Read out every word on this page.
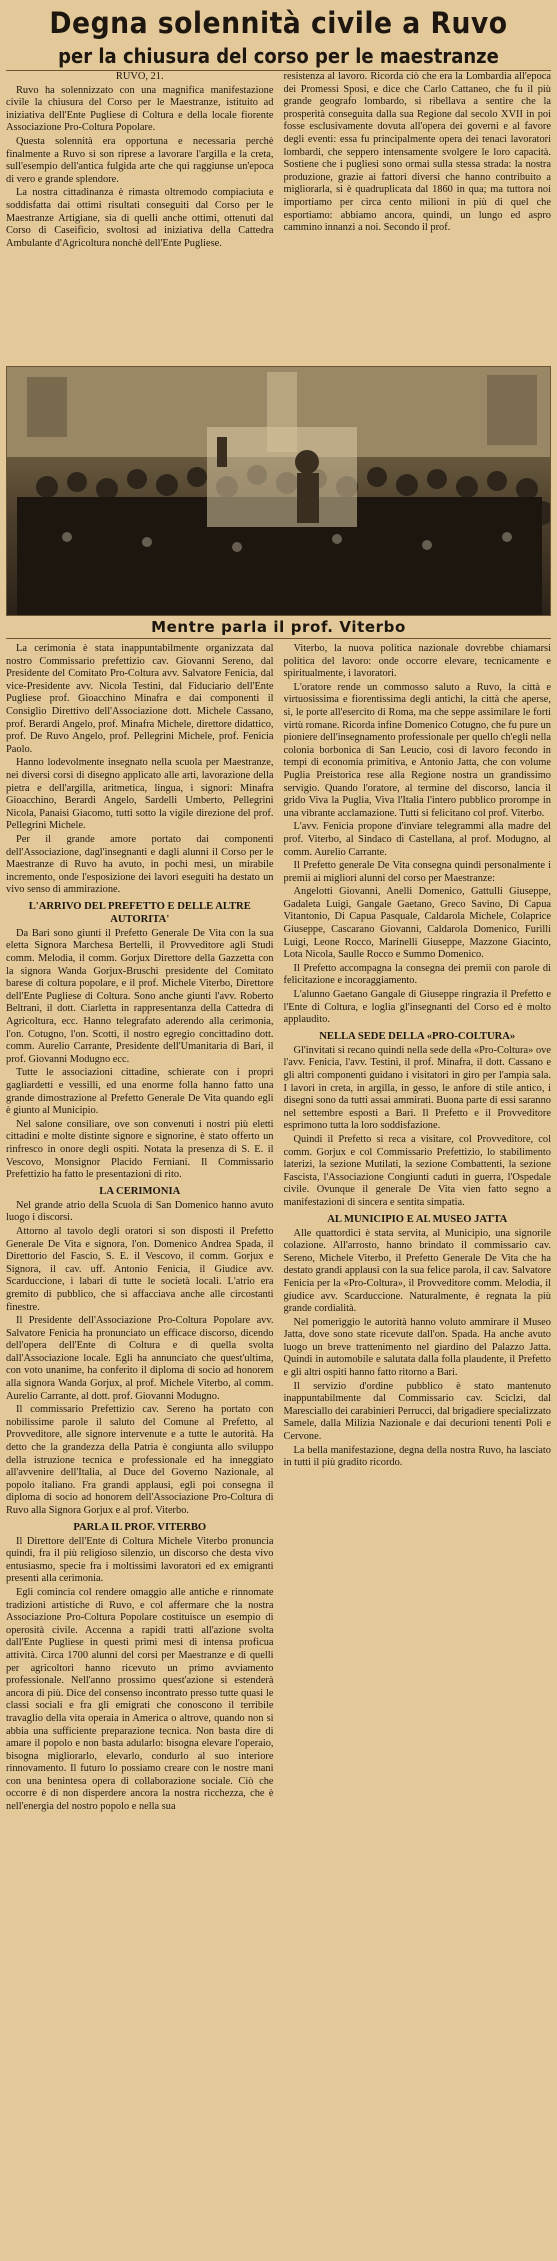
Degna solennità civile a Ruvo
per la chiusura del corso per le maestranze

RUVO, 21.

Ruvo ha solennizzato con una magnifica manifestazione civile la chiusura del Corso per le Maestranze, istituito ad iniziativa dell'Ente Pugliese di Coltura e della locale fiorente Associazione Pro-Coltura Popolare.

Questa solennità era opportuna e necessaria perchè finalmente a Ruvo si son riprese a lavorare l'argilla e la creta, sull'esempio dell'antica fulgida arte che qui raggiunse un'epoca di vero e grande splendore.

La nostra cittadinanza è rimasta oltremodo compiaciuta e soddisfatta dai ottimi risultati conseguiti dal Corso per le Maestranze Artigiane, sia di quelli anche ottimi, ottenuti dal Corso di Caseificio, svoltosi ad iniziativa della Cattedra Ambulante d'Agricoltura nonchè dell'Ente Pugliese.

resistenza al lavoro. Ricorda ciò che era la Lombardia all'epoca dei Promessi Sposi, e dice che Carlo Cattaneo, che fu il più grande geografo lombardo, si ribellava a sentire che la prosperità conseguita dalla sua Regione dal secolo XVII in poi fosse esclusivamente dovuta all'opera dei governi e al favore degli eventi: essa fu principalmente opera dei tenaci lavoratori lombardi, che seppero intensamente svolgere le loro capacità. Sostiene che i pugliesi sono ormai sulla stessa strada: la nostra produzione, grazie ai fattori diversi che hanno contribuito a migliorarla, si è quadruplicata dal 1860 in qua; ma tuttora noi importiamo per circa cento milioni in più di quel che esportiamo: abbiamo ancora, quindi, un lungo ed aspro cammino innanzi a noi. Secondo il prof.

Mentre parla il prof. Viterbo

La cerimonia è stata inappuntabilmente organizzata dal nostro Commissario prefettizio cav. Giovanni Sereno, dal Presidente del Comitato Pro-Coltura avv. Salvatore Fenicia, dal vice-Presidente avv. Nicola Testini, dal Fiduciario dell'Ente Pugliese prof. Gioacchino Minafra e dai componenti il Consiglio Direttivo dell'Associazione dott. Michele Cassano, prof. Berardi Angelo, prof. Minafra Michele, direttore didattico, prof. De Ruvo Angelo, prof. Pellegrini Michele, prof. Fenicia Paolo.

Hanno lodevolmente insegnato nella scuola per Maestranze, nei diversi corsi di disegno applicato alle arti, lavorazione della pietra e dell'argilla, aritmetica, lingua, i signori: Minafra Gioacchino, Berardi Angelo, Sardelli Umberto, Pellegrini Nicola, Panaisi Giacomo, tutti sotto la vigile direzione del prof. Pellegrini Michele.

Per il grande amore portato dai componenti dell'Associazione, dagl'insegnanti e dagli alunni il Corso per le Maestranze di Ruvo ha avuto, in pochi mesi, un mirabile incremento, onde l'esposizione dei lavori eseguiti ha destato un vivo senso di ammirazione.

L'ARRIVO DEL PREFETTO E DELLE ALTRE AUTORITA'

Da Bari sono giunti il Prefetto Generale De Vita con la sua eletta Signora Marchesa Bertelli, il Provveditore agli Studi comm. Melodia, il comm. Gorjux Direttore della Gazzetta con la signora Wanda Gorjux-Bruschi presidente del Comitato barese di coltura popolare, e il prof. Michele Viterbo, Direttore dell'Ente Pugliese di Coltura. Sono anche giunti l'avv. Roberto Beltrani, il dott. Ciarletta in rappresentanza della Cattedra di Agricoltura, ecc. Hanno telegrafato aderendo alla cerimonia, l'on. Cotugno, l'on. Scotti, il nostro egregio concittadino dott. comm. Aurelio Carrante, Presidente dell'Umanitaria di Bari, il prof. Giovanni Modugno ecc.

Tutte le associazioni cittadine, schierate con i propri gagliardetti e vessilli, ed una enorme folla hanno fatto una grande dimostrazione al Prefetto Generale De Vita quando egli è giunto al Municipio.

Nel salone consiliare, ove son convenuti i nostri più eletti cittadini e molte distinte signore e signorine, è stato offerto un rinfresco in onore degli ospiti. Notata la presenza di S. E. il Vescovo, Monsignor Placido Ferniani. Il Commissario Prefettizio ha fatto le presentazioni di rito.

LA CERIMONIA

Nel grande atrio della Scuola di San Domenico hanno avuto luogo i discorsi.

Attorno al tavolo degli oratori si son disposti il Prefetto Generale De Vita e signora, l'on. Domenico Andrea Spada, il Direttorio del Fascio, S. E. il Vescovo, il comm. Gorjux e Signora, il cav. uff. Antonio Fenicia, il Giudice avv. Scarduccione, i labari di tutte le società locali. L'atrio era gremito di pubblico, che si affacciava anche alle circostanti finestre.

Il Presidente dell'Associazione Pro-Coltura Popolare avv. Salvatore Fenicia ha pronunciato un efficace discorso, dicendo dell'opera dell'Ente di Coltura e di quella svolta dall'Associazione locale. Egli ha annunciato che quest'ultima, con voto unanime, ha conferito il diploma di socio ad honorem alla signora Wanda Gorjux, al prof. Michele Viterbo, al comm. Aurelio Carrante, al dott. prof. Giovanni Modugno.

Il commissario Prefettizio cav. Sereno ha portato con nobilissime parole il saluto del Comune al Prefetto, al Provveditore, alle signore intervenute e a tutte le autorità. Ha detto che la grandezza della Patria è congiunta allo sviluppo della istruzione tecnica e professionale ed ha inneggiato all'avvenire dell'Italia, al Duce del Governo Nazionale, al popolo italiano. Fra grandi applausi, egli poi consegna il diploma di socio ad honorem dell'Associazione Pro-Coltura di Ruvo alla Signora Gorjux e al prof. Viterbo.

PARLA IL PROF. VITERBO

Il Direttore dell'Ente di Coltura Michele Viterbo pronuncia quindi, fra il più religioso silenzio, un discorso che desta vivo entusiasmo, specie fra i moltissimi lavoratori ed ex emigranti presenti alla cerimonia.

Egli comincia col rendere omaggio alle antiche e rinnomate tradizioni artistiche di Ruvo, e col affermare che la nostra Associazione Pro-Coltura Popolare costituisce un esempio di operosità civile. Accenna a rapidi tratti all'azione svolta dall'Ente Pugliese in questi primi mesi di intensa proficua attività. Circa 1700 alunni del corsi per Maestranze e di quelli per agricoltori hanno ricevuto un primo avviamento professionale. Nell'anno prossimo quest'azione si estenderà ancora di più. Dice del consenso incontrato presso tutte quasi le classi sociali e fra gli emigrati che conoscono il terribile travaglio della vita operaia in America o altrove, quando non si abbia una sufficiente preparazione tecnica. Non basta dire di amare il popolo e non basta adularlo: bisogna elevare l'operaio, bisogna migliorarlo, elevarlo, condurlo al suo interiore rinnovamento. Il futuro lo possiamo creare con le nostre mani con una benintesa opera di collaborazione sociale. Ciò che occorre è di non disperdere ancora la nostra ricchezza, che è nell'energia del nostro popolo e nella sua

Viterbo, la nuova politica nazionale dovrebbe chiamarsi politica del lavoro: onde occorre elevare, tecnicamente e spiritualmente, i lavoratori.

L'oratore rende un commosso saluto a Ruvo, la città e virtuosissima e fiorentissima degli antichi, la città che aperse, si, le porte all'esercito di Roma, ma che seppe assimilare le forti virtù romane. Ricorda infine Domenico Cotugno, che fu pure un pioniere dell'insegnamento professionale per quello ch'egli nella colonia borbonica di San Leucio, così di lavoro fecondo in tempi di economia primitiva, e Antonio Jatta, che con volume Puglia Preistorica rese alla Regione nostra un grandissimo servigio. Quando l'oratore, al termine del discorso, lancia il grido Viva la Puglia, Viva l'Italia l'intero pubblico prorompe in una vibrante acclamazione. Tutti si felicitano col prof. Viterbo.

L'avv. Fenicia propone d'inviare telegrammi alla madre del prof. Viterbo, al Sindaco di Castellana, al prof. Modugno, al comm. Aurelio Carrante.

Il Prefetto generale De Vita consegna quindi personalmente i premii ai migliori alunni del corso per Maestranze:

Angelotti Giovanni, Anelli Domenico, Gattulli Giuseppe, Gadaleta Luigi, Gangale Gaetano, Greco Savino, Di Capua Vitantonio, Di Capua Pasquale, Caldarola Michele, Colaprice Giuseppe, Cascarano Giovanni, Caldarola Domenico, Furilli Luigi, Leone Rocco, Marinelli Giuseppe, Mazzone Giacinto, Lota Nicola, Saulle Rocco e Summo Domenico.

Il Prefetto accompagna la consegna dei premii con parole di felicitazione e incoraggiamento.

L'alunno Gaetano Gangale di Giuseppe ringrazia il Prefetto e l'Ente di Coltura, e loglia gl'insegnanti del Corso ed è molto applaudito.

NELLA SEDE DELLA «PRO-COLTURA»

Gl'invitati si recano quindi nella sede della «Pro-Coltura» ove l'avv. Fenicia, l'avv. Testini, il prof. Minafra, il dott. Cassano e gli altri componenti guidano i visitatori in giro per l'ampia sala. I lavori in creta, in argilla, in gesso, le anfore di stile antico, i disegni sono da tutti assai ammirati. Buona parte di essi saranno nel settembre esposti a Bari. Il Prefetto e il Provveditore esprimono tutta la loro soddisfazione.

Quindi il Prefetto si reca a visitare, col Provveditore, col comm. Gorjux e col Commissario Prefettizio, lo stabilimento laterizi, la sezione Mutilati, la sezione Combattenti, la sezione Fascista, l'Associazione Congiunti caduti in guerra, l'Ospedale civile. Ovunque il generale De Vita vien fatto segno a manifestazioni di sincera e sentita simpatia.

AL MUNICIPIO E AL MUSEO JATTA

Alle quattordici è stata servita, al Municipio, una signorile colazione. All'arrosto, hanno brindato il commissario cav. Sereno, Michele Viterbo, il Prefetto Generale De Vita che ha destato grandi applausi con la sua felice parola, il cav. Salvatore Fenicia per la «Pro-Coltura», il Provveditore comm. Melodia, il giudice avv. Scarduccione. Naturalmente, è regnata la più grande cordialità.

Nel pomeriggio le autorità hanno voluto ammirare il Museo Jatta, dove sono state ricevute dall'on. Spada. Ha anche avuto luogo un breve trattenimento nel giardino del Palazzo Jatta. Quindi in automobile e salutata dalla folla plaudente, il Prefetto e gli altri ospiti hanno fatto ritorno a Bari.

Il servizio d'ordine pubblico è stato mantenuto inappuntabilmente dal Commissario cav. Sciclzi, dal Maresciallo dei carabinieri Perrucci, dal brigadiere specializzato Samele, dalla Milizia Nazionale e dai decurioni tenenti Poli e Cervone.

La bella manifestazione, degna della nostra Ruvo, ha lasciato in tutti il più gradito ricordo.
